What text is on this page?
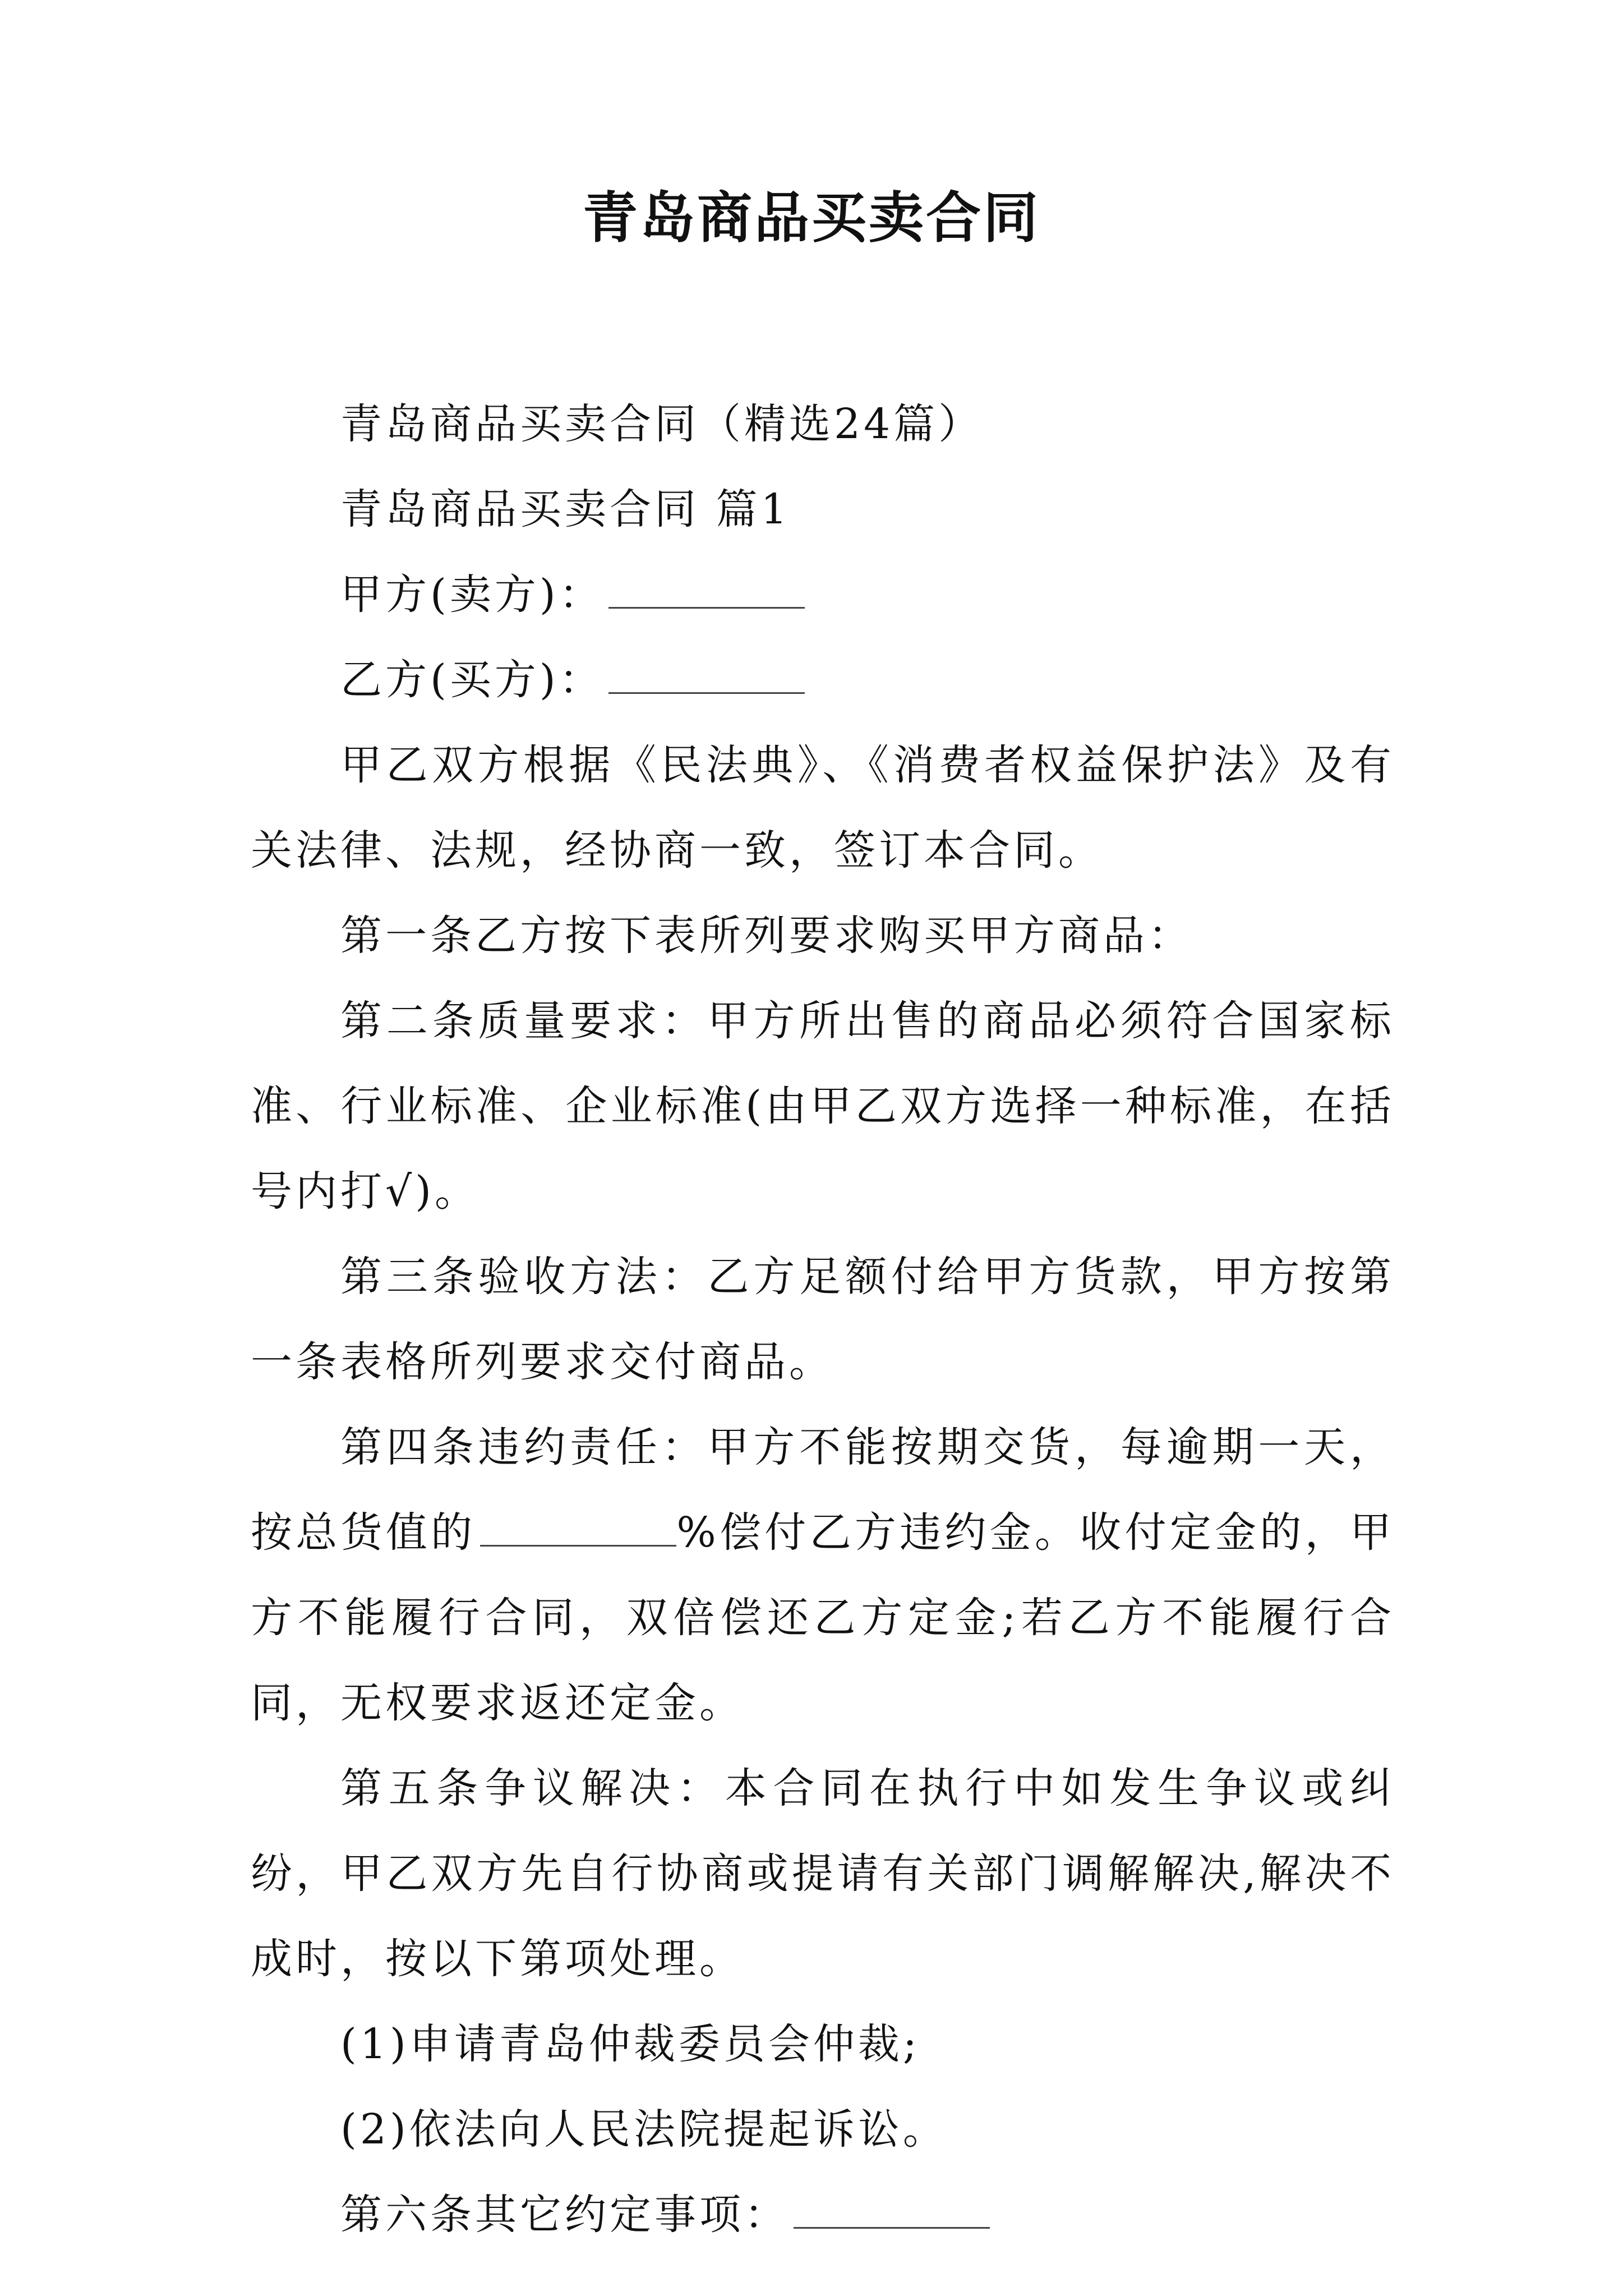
青岛商品买卖合同

青岛商品买卖合同（精选24篇）

青岛商品买卖合同 篇1

甲方(卖方)：

乙方(买方)：

甲乙双方根据《民法典》、《消费者权益保护法》及有关法律、法规，经协商一致，签订本合同。

第一条乙方按下表所列要求购买甲方商品：

第二条质量要求：甲方所出售的商品必须符合国家标准、行业标准、企业标准(由甲乙双方选择一种标准，在括号内打√)。

第三条验收方法：乙方足额付给甲方货款，甲方按第一条表格所列要求交付商品。

第四条违约责任：甲方不能按期交货，每逾期一天，按总货值的	%偿付乙方违约金。收付定金的，甲方不能履行合同，双倍偿还乙方定金;若乙方不能履行合同，无权要求返还定金。

第五条争议解决：本合同在执行中如发生争议或纠纷，甲乙双方先自行协商或提请有关部门调解解决,解决不成时，按以下第项处理。

(1)申请青岛仲裁委员会仲裁;

(2)依法向人民法院提起诉讼。

第六条其它约定事项：
